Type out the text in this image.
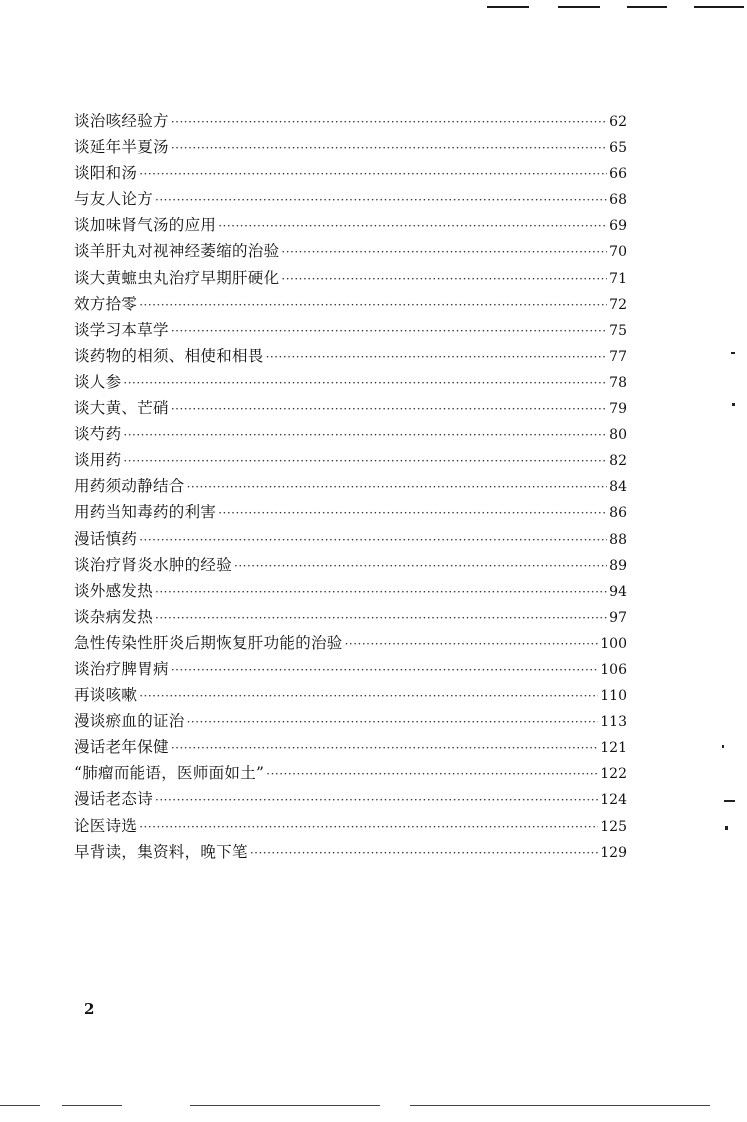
谈治咳经验方 ·····	62
谈延年半夏汤 ·····	65
谈阳和汤 ·····	66
与友人论方 ·····	68
谈加味肾气汤的应用 ·····	69
谈羊肝丸对视神经萎缩的治验 ·····	70
谈大黄蟅虫丸治疗早期肝硬化 ·····	71
效方拾零 ·····	72
谈学习本草学 ·····	75
谈药物的相须、相使和相畏 ·····	77
谈人参 ·····	78
谈大黄、芒硝 ·····	79
谈芍药 ·····	80
谈用药 ·····	82
用药须动静结合 ·····	84
用药当知毒药的利害 ·····	86
漫话慎药 ·····	88
谈治疗肾炎水肿的经验 ·····	89
谈外感发热 ·····	94
谈杂病发热 ·····	97
急性传染性肝炎后期恢复肝功能的治验 ·····	100
谈治疗脾胃病 ·····	106
再谈咳嗽 ·····	110
漫谈瘀血的证治 ·····	113
漫话老年保健 ·····	121
“肺瘤而能语，医师面如土” ·····	122
漫话老态诗 ·····	124
论医诗选 ·····	125
早背读，集资料，晚下笔 ·····	129
2
